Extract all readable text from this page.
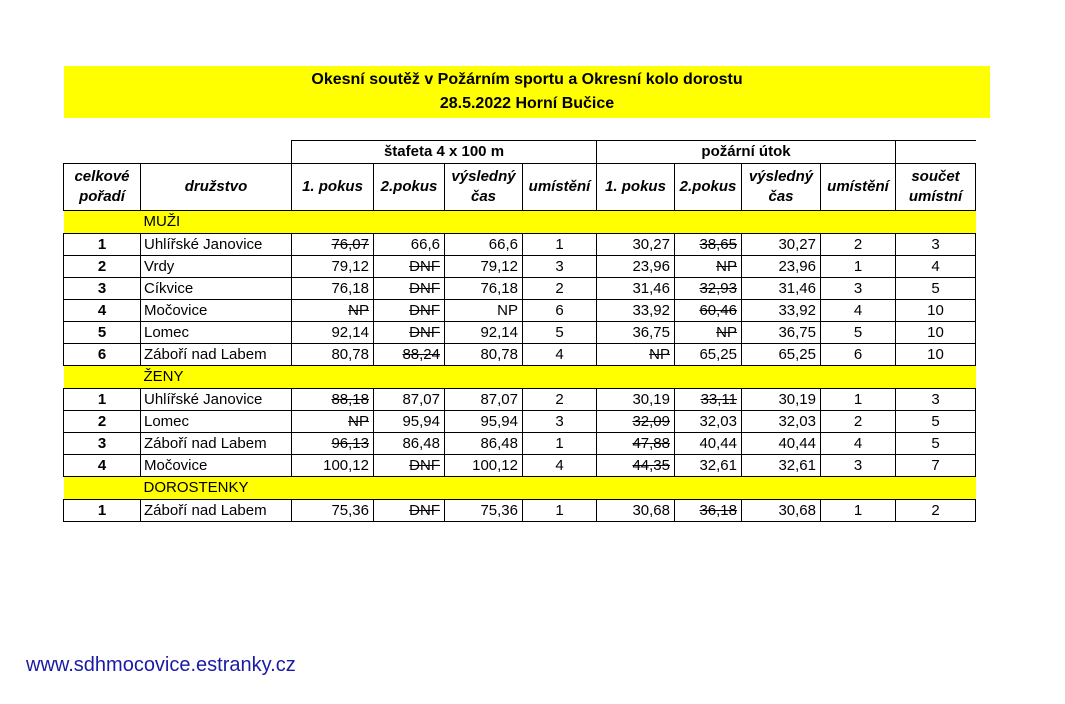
Okesní soutěž v Požárním sportu a Okresní kolo dorostu
28.5.2022 Horní Bučice
		štafeta 4 x 100 m				požární útok				
celkové pořadí	družstvo	1. pokus	2.pokus	výsledný čas	umístění	1. pokus	2.pokus	výsledný čas	umístění	součet umístní
	MUŽI									
1	Uhlířské Janovice	76,07	66,6	66,6	1	30,27	38,65	30,27	2	3
2	Vrdy	79,12	DNF	79,12	3	23,96	NP	23,96	1	4
3	Cíkvice	76,18	DNF	76,18	2	31,46	32,93	31,46	3	5
4	Močovice	NP	DNF	NP	6	33,92	60,46	33,92	4	10
5	Lomec	92,14	DNF	92,14	5	36,75	NP	36,75	5	10
6	Záboří nad Labem	80,78	88,24	80,78	4	NP	65,25	65,25	6	10
	ŽENY									
1	Uhlířské Janovice	88,18	87,07	87,07	2	30,19	33,11	30,19	1	3
2	Lomec	NP	95,94	95,94	3	32,09	32,03	32,03	2	5
3	Záboří nad Labem	96,13	86,48	86,48	1	47,88	40,44	40,44	4	5
4	Močovice	100,12	DNF	100,12	4	44,35	32,61	32,61	3	7
	DOROSTENKY									
1	Záboří nad Labem	75,36	DNF	75,36	1	30,68	36,18	30,68	1	2
www.sdhmocovice.estranky.cz
